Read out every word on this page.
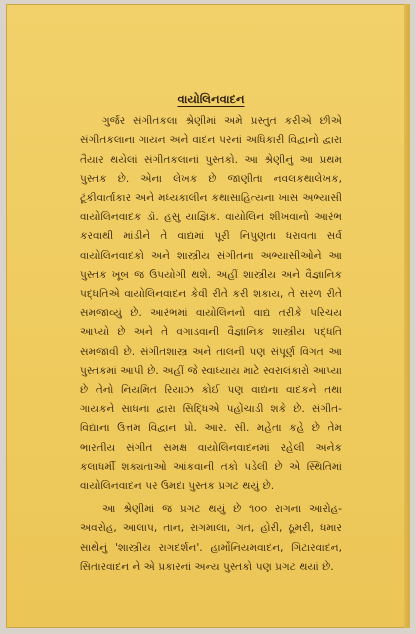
વાયોલિનવાદન

ગુર્જર સંગીતકલા શ્રેણીમાં અમે પ્રસ્તુત કરીએ છીએ સંગીતકલાના ગાયન અને વાદન પરનાં અધિકારી વિદ્વાનો દ્વારા તૈયાર થયેલાં સંગીતકલાનાં પુસ્તકો. આ શ્રેણીનું આ પ્રથમ પુસ્તક છે. એના લેખક છે જાણીતા નવલકથાલેખક, ટૂંકીવાર્તાકાર અને મધ્યકાલીન કથાસાહિત્યના ખાસ અભ્યાસી વાયોલિનવાદક ડૉ. હસુ યાજ્ઞિક. વાયોલિન શીખવાનો આરંભ કરવાથી માંડીને તે વાદ્યમાં પૂરી નિપુણતા ધરાવતા સર્વ વાયોલિનવાદકો અને શાસ્ત્રીય સંગીતના અભ્યાસીઓને આ પુસ્તક ખૂબ જ ઉપયોગી થશે. અહીં શાસ્ત્રીય અને વૈજ્ઞાનિક પદ્ધતિએ વાયોલિનવાદન કેવી રીતે કરી શકાય, તે સરળ રીતે સમજાવ્યું છે. આરંભમાં વાયોલિનનો વાદ્ય તરીકે પરિચય આપ્યો છે અને તે વગાડવાની વૈજ્ઞાનિક શાસ્ત્રીય પદ્ધતિ સમજાવી છે. સંગીતશાસ્ત્ર અને તાલની પણ સંપૂર્ણ વિગત આ પુસ્તકમાં આપી છે. અહીં જે સ્વાધ્યાય માટે સ્વરાલંકારો આપ્યા છે તેનો નિયમિત રિયાઝ કોઈ પણ વાદ્યના વાદકને તથા ગાયકને સાધના દ્વારા સિદ્ધિએ પહોંચાડી શકે છે. સંગીત-વિદ્યાના ઉત્તમ વિદ્વાન પ્રો. આર. સી. મહેતા કહે છે તેમ ભારતીય સંગીત સમક્ષ વાયોલિનવાદનમાં રહેલી અનેક કલાધર્મી શક્યતાઓ આંકવાની તકો પડેલી છે એ સ્થિતિમાં વાયોલિનવાદન પર ઉમદા પુસ્તક પ્રગટ થયું છે.

આ શ્રેણીમાં જ પ્રગટ થયું છે ૧૦૦ રાગના આરોહ-અવરોહ, આલાપ, તાન, રાગમાલા, ગત, હોરી, ઠૂમરી, ધમાર સાથેનું 'શાસ્ત્રીય રાગદર્શન'. હાર્મોનિયમવાદન, ગિટારવાદન, સિતારવાદન ને એ પ્રકારનાં અન્ય પુસ્તકો પણ પ્રગટ થયાં છે.
